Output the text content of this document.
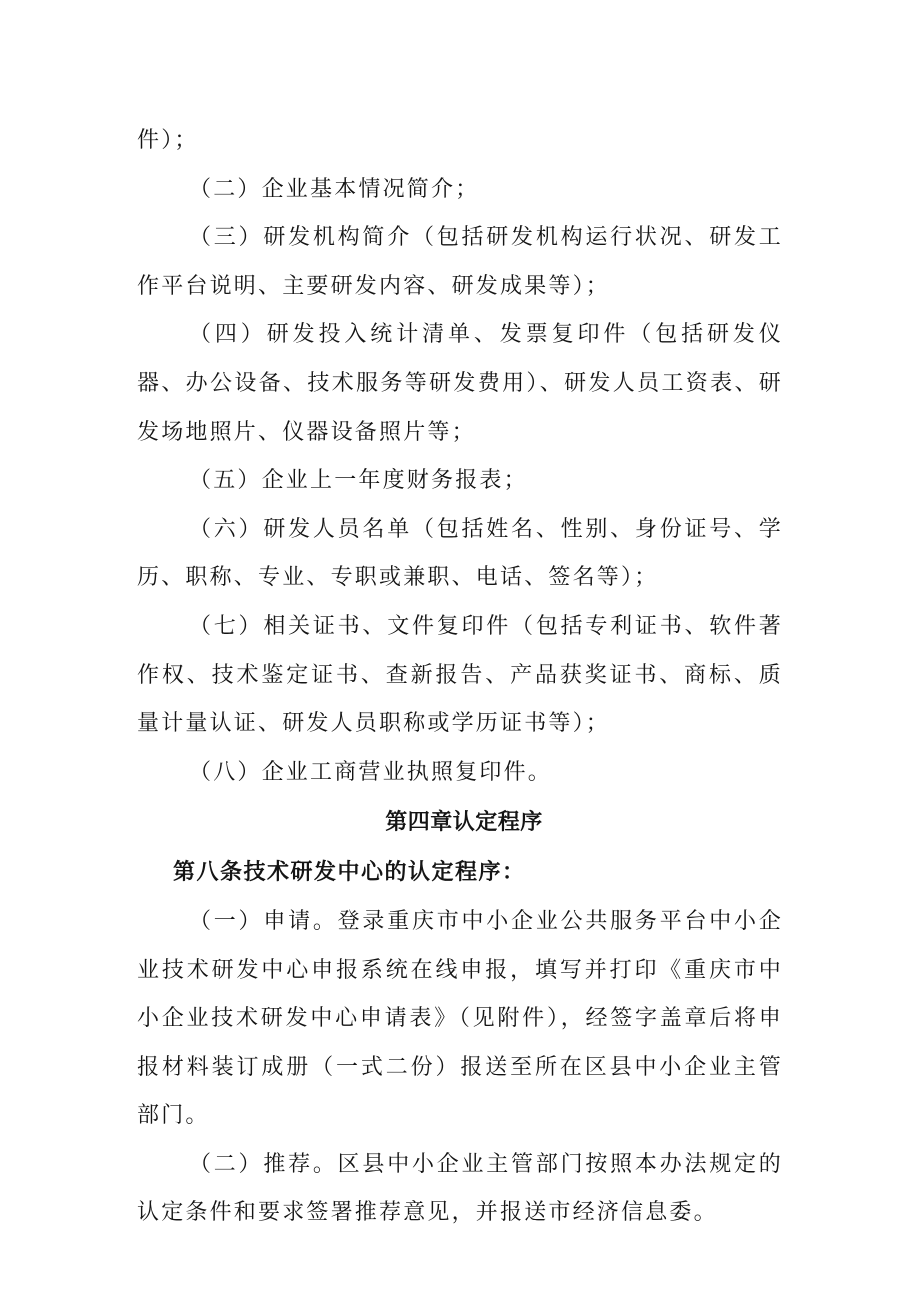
件）；

（二）企业基本情况简介；

（三）研发机构简介（包括研发机构运行状况、研发工作平台说明、主要研发内容、研发成果等）；

（四）研发投入统计清单、发票复印件（包括研发仪器、办公设备、技术服务等研发费用）、研发人员工资表、研发场地照片、仪器设备照片等；

（五）企业上一年度财务报表；

（六）研发人员名单（包括姓名、性别、身份证号、学历、职称、专业、专职或兼职、电话、签名等）；

（七）相关证书、文件复印件（包括专利证书、软件著作权、技术鉴定证书、查新报告、产品获奖证书、商标、质量计量认证、研发人员职称或学历证书等）；

（八）企业工商营业执照复印件。

第四章认定程序
第八条技术研发中心的认定程序：

（一）申请。登录重庆市中小企业公共服务平台中小企业技术研发中心申报系统在线申报，填写并打印《重庆市中小企业技术研发中心申请表》（见附件），经签字盖章后将申报材料装订成册（一式二份）报送至所在区县中小企业主管部门。

（二）推荐。区县中小企业主管部门按照本办法规定的认定条件和要求签署推荐意见，并报送市经济信息委。
